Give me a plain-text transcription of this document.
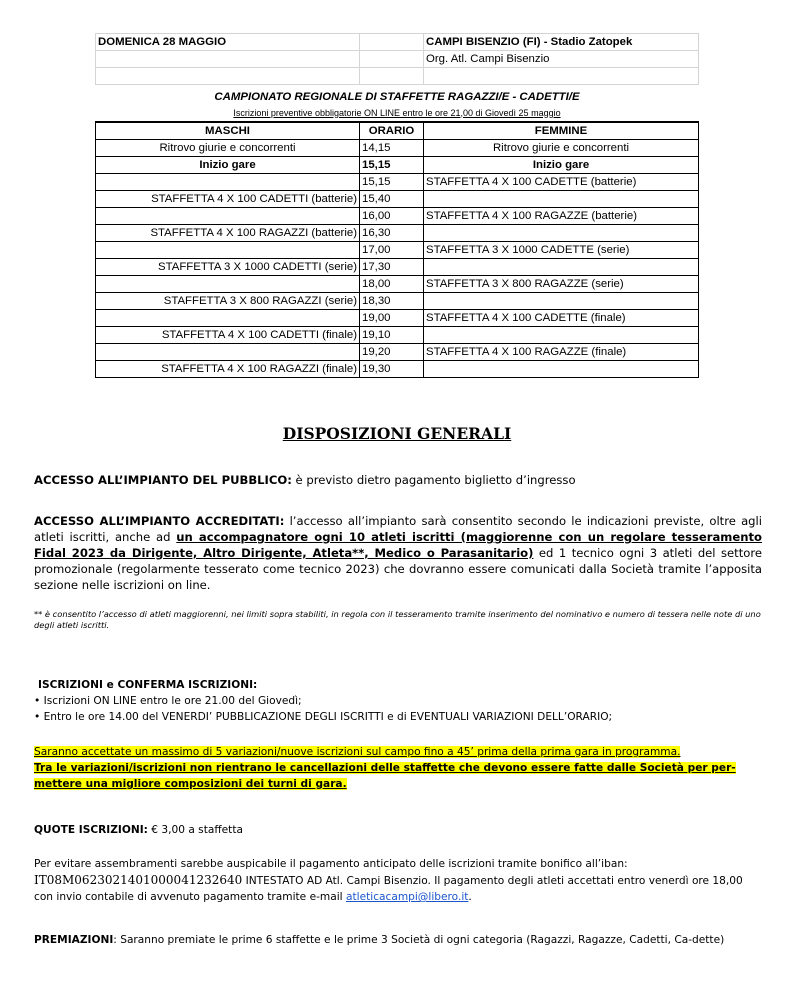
DOMENICA 28 MAGGIO		CAMPI BISENZIO (FI) - Stadio Zatopek
		Org. Atl. Campi Bisenzio

CAMPIONATO REGIONALE DI STAFFETTE RAGAZZI/E - CADETTI/E		
Iscrizioni preventive obbligatorie ON LINE entro le ore 21,00 di Giovedì 25 maggio		
MASCHI	ORARIO	FEMMINE
Ritrovo giurie e concorrenti	14,15	Ritrovo giurie e concorrenti
Inizio gare	15,15	Inizio gare
	15,15	STAFFETTA 4 X 100 CADETTE (batterie)
STAFFETTA 4 X 100 CADETTI (batterie)	15,40	
	16,00	STAFFETTA 4 X 100 RAGAZZE (batterie)
STAFFETTA 4 X 100 RAGAZZI (batterie)	16,30	
	17,00	STAFFETTA 3 X 1000 CADETTE (serie)
STAFFETTA 3 X 1000 CADETTI (serie)	17,30	
	18,00	STAFFETTA 3 X 800 RAGAZZE (serie)
STAFFETTA 3 X 800 RAGAZZI (serie)	18,30	
	19,00	STAFFETTA 4 X 100 CADETTE (finale)
STAFFETTA 4 X 100 CADETTI (finale)	19,10	
	19,20	STAFFETTA 4 X 100 RAGAZZE (finale)
STAFFETTA 4 X 100 RAGAZZI (finale)	19,30	

DISPOSIZIONI GENERALI

ACCESSO ALL’IMPIANTO DEL PUBBLICO: è previsto dietro pagamento biglietto d’ingresso

ACCESSO ALL’IMPIANTO ACCREDITATI: l’accesso all’impianto sarà consentito secondo le indicazioni previste, oltre agli atleti iscritti, anche ad un accompagnatore ogni 10 atleti iscritti (maggiorenne con un regolare tesseramento Fidal 2023 da Dirigente, Altro Dirigente, Atleta**, Medico o Parasanitario) ed 1 tecnico ogni 3 atleti del settore promozionale (regolarmente tesserato come tecnico 2023) che dovranno essere comunicati dalla Società tramite l’apposita sezione nelle iscrizioni on line.

** è consentito l’accesso di atleti maggiorenni, nei limiti sopra stabiliti, in regola con il tesseramento tramite inserimento del nominativo e numero di tessera nelle note di uno degli atleti iscritti.

ISCRIZIONI e CONFERMA ISCRIZIONI:

• Iscrizioni ON LINE entro le ore 21.00 del Giovedì;

• Entro le ore 14.00 del VENERDI’ PUBBLICAZIONE DEGLI ISCRITTI e di EVENTUALI VARIAZIONI DELL’ORARIO;

Saranno accettate un massimo di 5 variazioni/nuove iscrizioni sul campo fino a 45’ prima della prima gara in programma.
Tra le variazioni/iscrizioni non rientrano le cancellazioni delle staffette che devono essere fatte dalle Società per per-
mettere una migliore composizioni dei turni di gara.

QUOTE ISCRIZIONI: € 3,00 a staffetta

Per evitare assembramenti sarebbe auspicabile il pagamento anticipato delle iscrizioni tramite bonifico all’iban:
IT08M0623021401000041232640 INTESTATO AD Atl. Campi Bisenzio. Il pagamento degli atleti accettati entro venerdì ore 18,00 con invio contabile di avvenuto pagamento tramite e-mail atleticacampi@libero.it.

PREMIAZIONI: Saranno premiate le prime 6 staffette e le prime 3 Società di ogni categoria (Ragazzi, Ragazze, Cadetti, Ca-dette)
